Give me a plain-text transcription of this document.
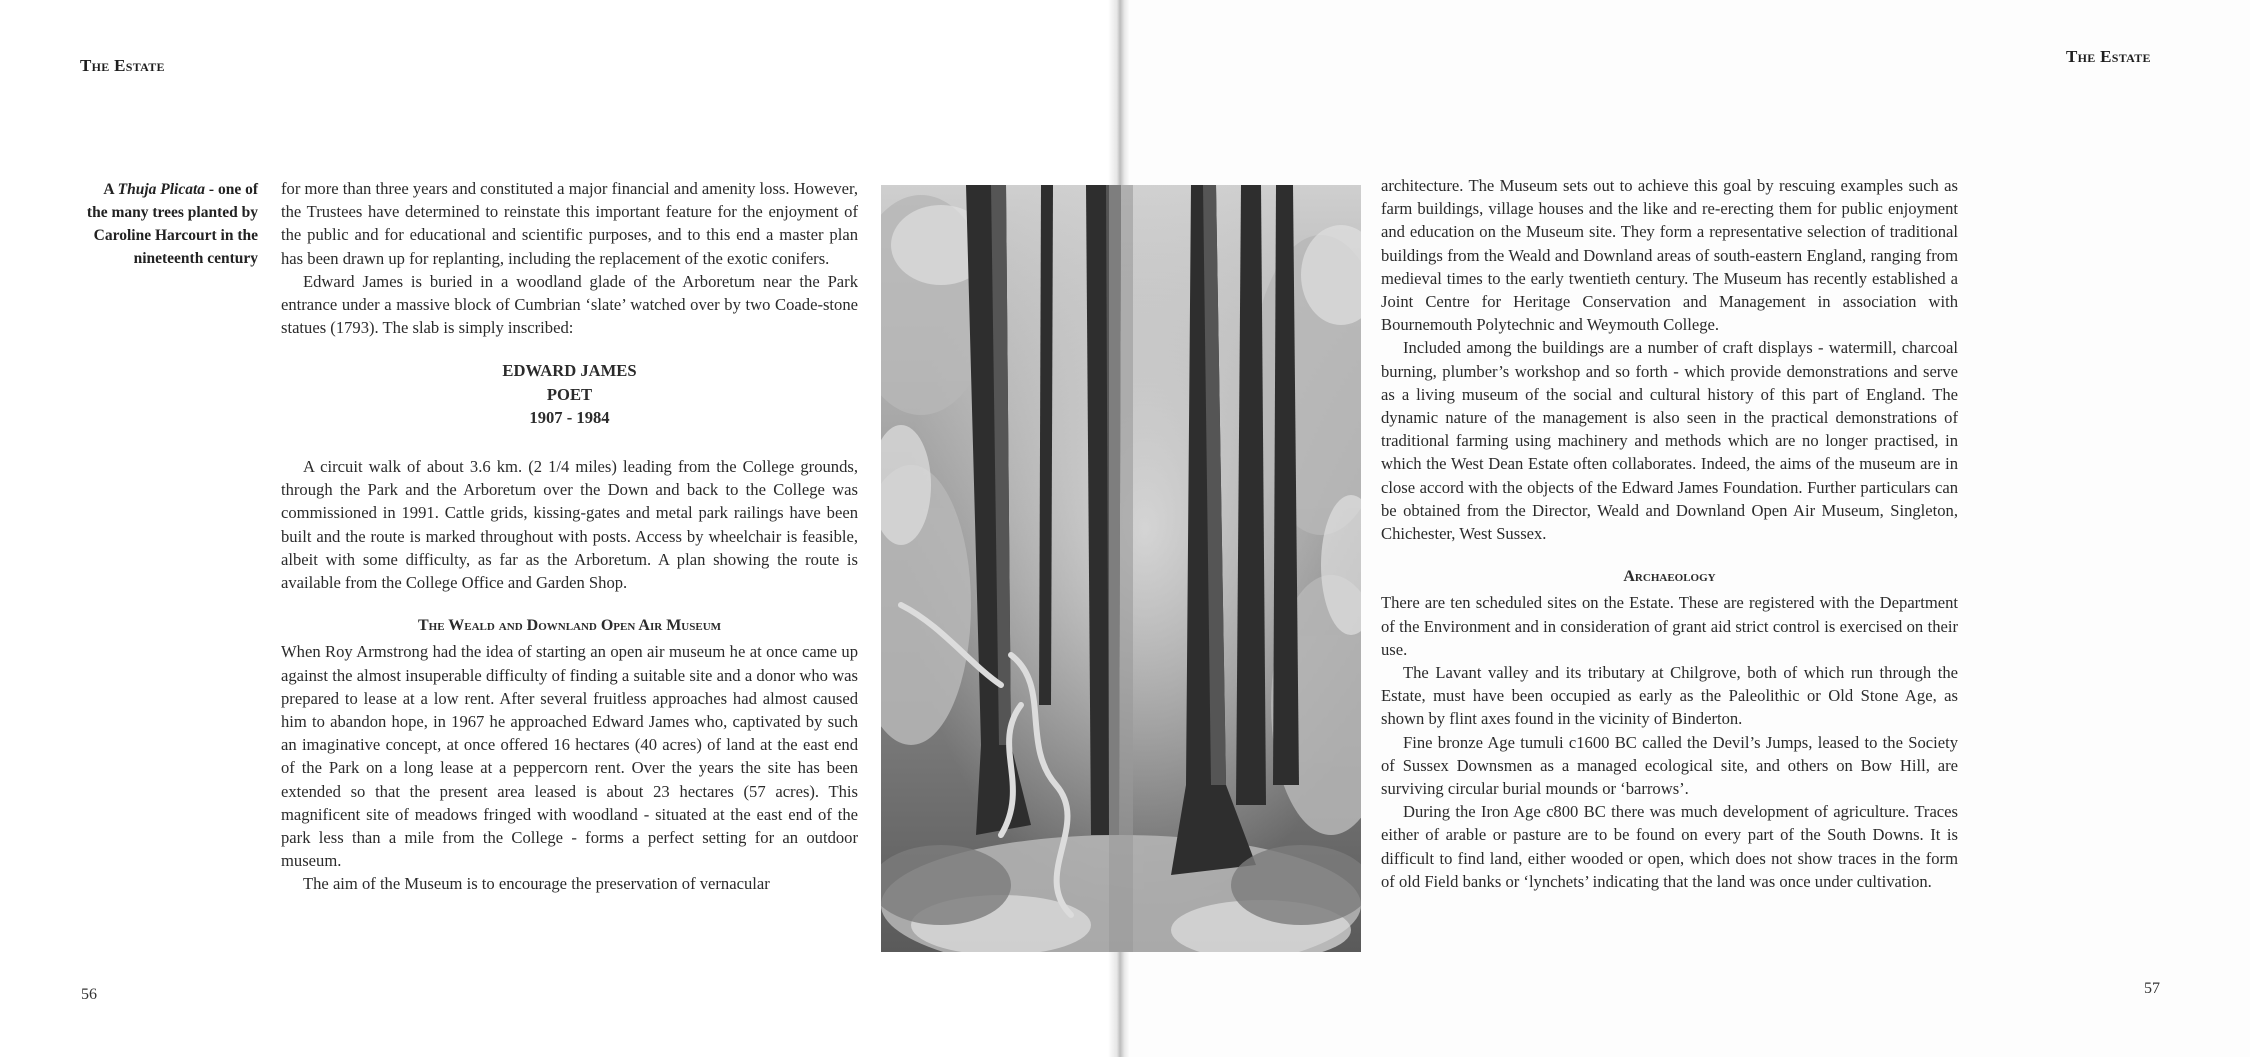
The Estate
A Thuja Plicata - one of the many trees planted by Caroline Harcourt in the nineteenth century

for more than three years and constituted a major financial and amenity loss. However, the Trustees have determined to reinstate this important feature for the enjoyment of the public and for educational and scientific purposes, and to this end a master plan has been drawn up for replanting, including the replacement of the exotic conifers.

Edward James is buried in a woodland glade of the Arboretum near the Park entrance under a massive block of Cumbrian ‘slate’ watched over by two Coade-stone statues (1793). The slab is simply inscribed:

EDWARD JAMES
POET
1907 - 1984

A circuit walk of about 3.6 km. (2 1/4 miles) leading from the College grounds, through the Park and the Arboretum over the Down and back to the College was commissioned in 1991. Cattle grids, kissing-gates and metal park railings have been built and the route is marked throughout with posts. Access by wheelchair is feasible, albeit with some difficulty, as far as the Arboretum. A plan showing the route is available from the College Office and Garden Shop.

The Weald and Downland Open Air Museum

When Roy Armstrong had the idea of starting an open air museum he at once came up against the almost insuperable difficulty of finding a suitable site and a donor who was prepared to lease at a low rent. After several fruitless approaches had almost caused him to abandon hope, in 1967 he approached Edward James who, captivated by such an imaginative concept, at once offered 16 hectares (40 acres) of land at the east end of the Park on a long lease at a peppercorn rent. Over the years the site has been extended so that the present area leased is about 23 hectares (57 acres). This magnificent site of meadows fringed with woodland - situated at the east end of the park less than a mile from the College - forms a perfect setting for an outdoor museum.

The aim of the Museum is to encourage the preservation of vernacular

56
The Estate

architecture. The Museum sets out to achieve this goal by rescuing examples such as farm buildings, village houses and the like and re-erecting them for public enjoyment and education on the Museum site. They form a representative selection of traditional buildings from the Weald and Downland areas of south-eastern England, ranging from medieval times to the early twentieth century. The Museum has recently established a Joint Centre for Heritage Conservation and Management in association with Bournemouth Polytechnic and Weymouth College.

Included among the buildings are a number of craft displays - watermill, charcoal burning, plumber’s workshop and so forth - which provide demonstrations and serve as a living museum of the social and cultural history of this part of England. The dynamic nature of the management is also seen in the practical demonstrations of traditional farming using machinery and methods which are no longer practised, in which the West Dean Estate often collaborates. Indeed, the aims of the museum are in close accord with the objects of the Edward James Foundation. Further particulars can be obtained from the Director, Weald and Downland Open Air Museum, Singleton, Chichester, West Sussex.

Archaeology

There are ten scheduled sites on the Estate. These are registered with the Department of the Environment and in consideration of grant aid strict control is exercised on their use.

The Lavant valley and its tributary at Chilgrove, both of which run through the Estate, must have been occupied as early as the Paleolithic or Old Stone Age, as shown by flint axes found in the vicinity of Binderton.

Fine bronze Age tumuli c1600 BC called the Devil’s Jumps, leased to the Society of Sussex Downsmen as a managed ecological site, and others on Bow Hill, are surviving circular burial mounds or ‘barrows’.

During the Iron Age c800 BC there was much development of agriculture. Traces either of arable or pasture are to be found on every part of the South Downs. It is difficult to find land, either wooded or open, which does not show traces in the form of old Field banks or ‘lynchets’ indicating that the land was once under cultivation.

57
